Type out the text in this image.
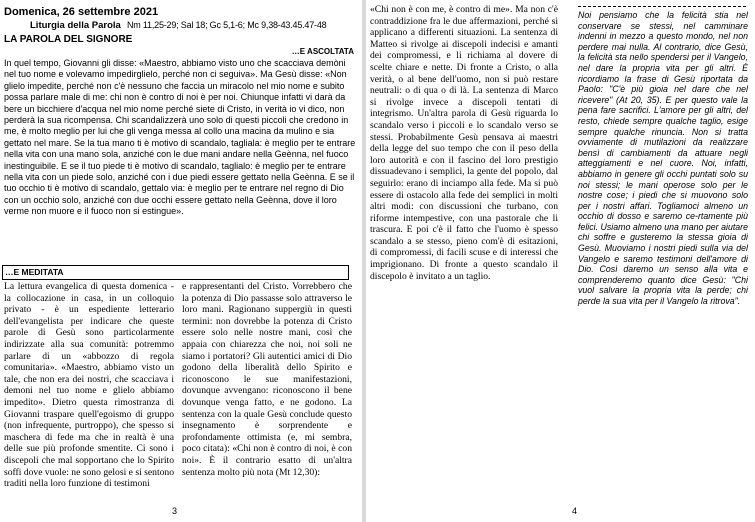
Domenica, 26 settembre 2021
Liturgia della Parola Nm 11,25-29; Sal 18; Gc 5,1-6; Mc 9,38-43.45.47-48
LA PAROLA DEL SIGNORE
…E ASCOLTATA
In quel tempo, Giovanni gli disse: «Maestro, abbiamo visto uno che scacciava demòni nel tuo nome e volevamo impedirglielo, perché non ci seguiva». Ma Gesù disse: «Non glielo impedite, perché non c'è nessuno che faccia un miracolo nel mio nome e subito possa parlare male di me: chi non è contro di noi è per noi. Chiunque infatti vi darà da bere un bicchiere d'acqua nel mio nome perché siete di Cristo, in verità io vi dico, non perderà la sua ricompensa. Chi scandalizzerà uno solo di questi piccoli che credono in me, è molto meglio per lui che gli venga messa al collo una macina da mulino e sia gettato nel mare. Se la tua mano ti è motivo di scandalo, tagliala: è meglio per te entrare nella vita con una mano sola, anziché con le due mani andare nella Geènna, nel fuoco inestinguibile. E se il tuo piede ti è motivo di scandalo, taglialo: è meglio per te entrare nella vita con un piede solo, anziché con i due piedi essere gettato nella Geènna. E se il tuo occhio ti è motivo di scandalo, gettalo via: è meglio per te entrare nel regno di Dio con un occhio solo, anziché con due occhi essere gettato nella Geènna, dove il loro verme non muore e il fuoco non si estingue».
…E MEDITATA
La lettura evangelica di questa domenica - la collocazione in casa, in un colloquio privato - è un espediente letterario dell'evangelista per indicare che queste parole di Gesù sono particolarmente indirizzate alla sua comunità: potremmo parlare di un «abbozzo di regola comunitaria». «Maestro, abbiamo visto un tale, che non era dei nostri, che scacciava i demoni nel tuo nome e glielo abbiamo impedito». Dietro questa rimostranza di Giovanni traspare quell'egoismo di gruppo (non infrequente, purtroppo), che spesso si maschera di fede ma che in realtà è una delle sue più profonde smentite. Ci sono i discepoli che mal sopportano che lo Spirito soffi dove vuole: ne sono gelosi e si sentono traditi nella loro funzione di testimoni
e rappresentanti del Cristo. Vorrebbero che la potenza di Dio passasse solo attraverso le loro mani. Ragionano suppergiù in questi termini: non dovrebbe la potenza di Cristo essere solo nelle nostre mani, così che appaia con chiarezza che noi, noi soli ne siamo i portatori? Gli autentici amici di Dio godono della liberalità dello Spirito e riconoscono le sue manifestazioni, dovunque avvengano: riconoscono il bene dovunque venga fatto, e ne godono. La sentenza con la quale Gesù conclude questo insegnamento è sorprendente e profondamente ottimista (e, mi sembra, poco citata): «Chi non è contro di noi, è con noi». È il contrario esatto di un'altra sentenza molto più nota (Mt 12,30):
3
«Chi non è con me, è contro di me». Ma non c'è contraddizione fra le due affermazioni, perché si applicano a differenti situazioni. La sentenza di Matteo si rivolge ai discepoli indecisi e amanti dei compromessi, e li richiama al dovere di scelte chiare e nette. Di fronte a Cristo, o alla verità, o al bene dell'uomo, non si può restare neutrali: o di qua o di là. La sentenza di Marco si rivolge invece a discepoli tentati di integrismo. Un'altra parola di Gesù riguarda lo scandalo verso i piccoli e lo scandalo verso se stessi. Probabilmente Gesù pensava ai maestri della legge del suo tempo che con il peso della loro autorità e con il fascino del loro prestigio dissuadevano i semplici, la gente del popolo, dal seguirlo: erano di inciampo alla fede. Ma si può essere di ostacolo alla fede dei semplici in molti altri modi: con discussioni che turbano, con riforme intempestive, con una pastorale che li trascura. E poi c'è il fatto che l'uomo è spesso scandalo a se stesso, pieno com'è di esitazioni, di compromessi, di facili scuse e di interessi che imprigionano. Di fronte a questo scandalo il discepolo è invitato a un taglio.
Noi pensiamo che la felicità stia nel conservare se stessi, nel camminare indenni in mezzo a questo mondo, nel non perdere mai nulla. Al contrario, dice Gesù, la felicità sta nello spendersi per il Vangelo, nel dare la propria vita per gli altri. È ricordiamo la frase di Gesù riportata da Paolo: "C'è più gioia nel dare che nel ricevere" (At 20, 35). E per questo vale la pena fare sacrifici. L'amore per gli altri, del resto, chiede sempre qualche taglio, esige sempre qualche rinuncia. Non si tratta ovviamente di mutilazioni da realizzare bensì di cambiamenti da attuare negli atteggiamenti e nel cuore. Noi, infatti, abbiamo in genere gli occhi puntati solo su noi stessi; le mani operose solo per le nostre cose; i piedi che si muovono solo per i nostri affari. Togliamoci almeno un occhio di dosso e saremo ce-rtamente più felici. Usiamo almeno una mano per aiutare chi soffre e gusteremo la stessa gioia di Gesù. Muoviamo i nostri piedi sulla via del Vangelo e saremo testimoni dell'amore di Dio. Così daremo un senso alla vita e comprenderemo quanto dice Gesù: "Chi vuol salvare la propria vita la perde; chi perde la sua vita per il Vangelo la ritrova".
4
